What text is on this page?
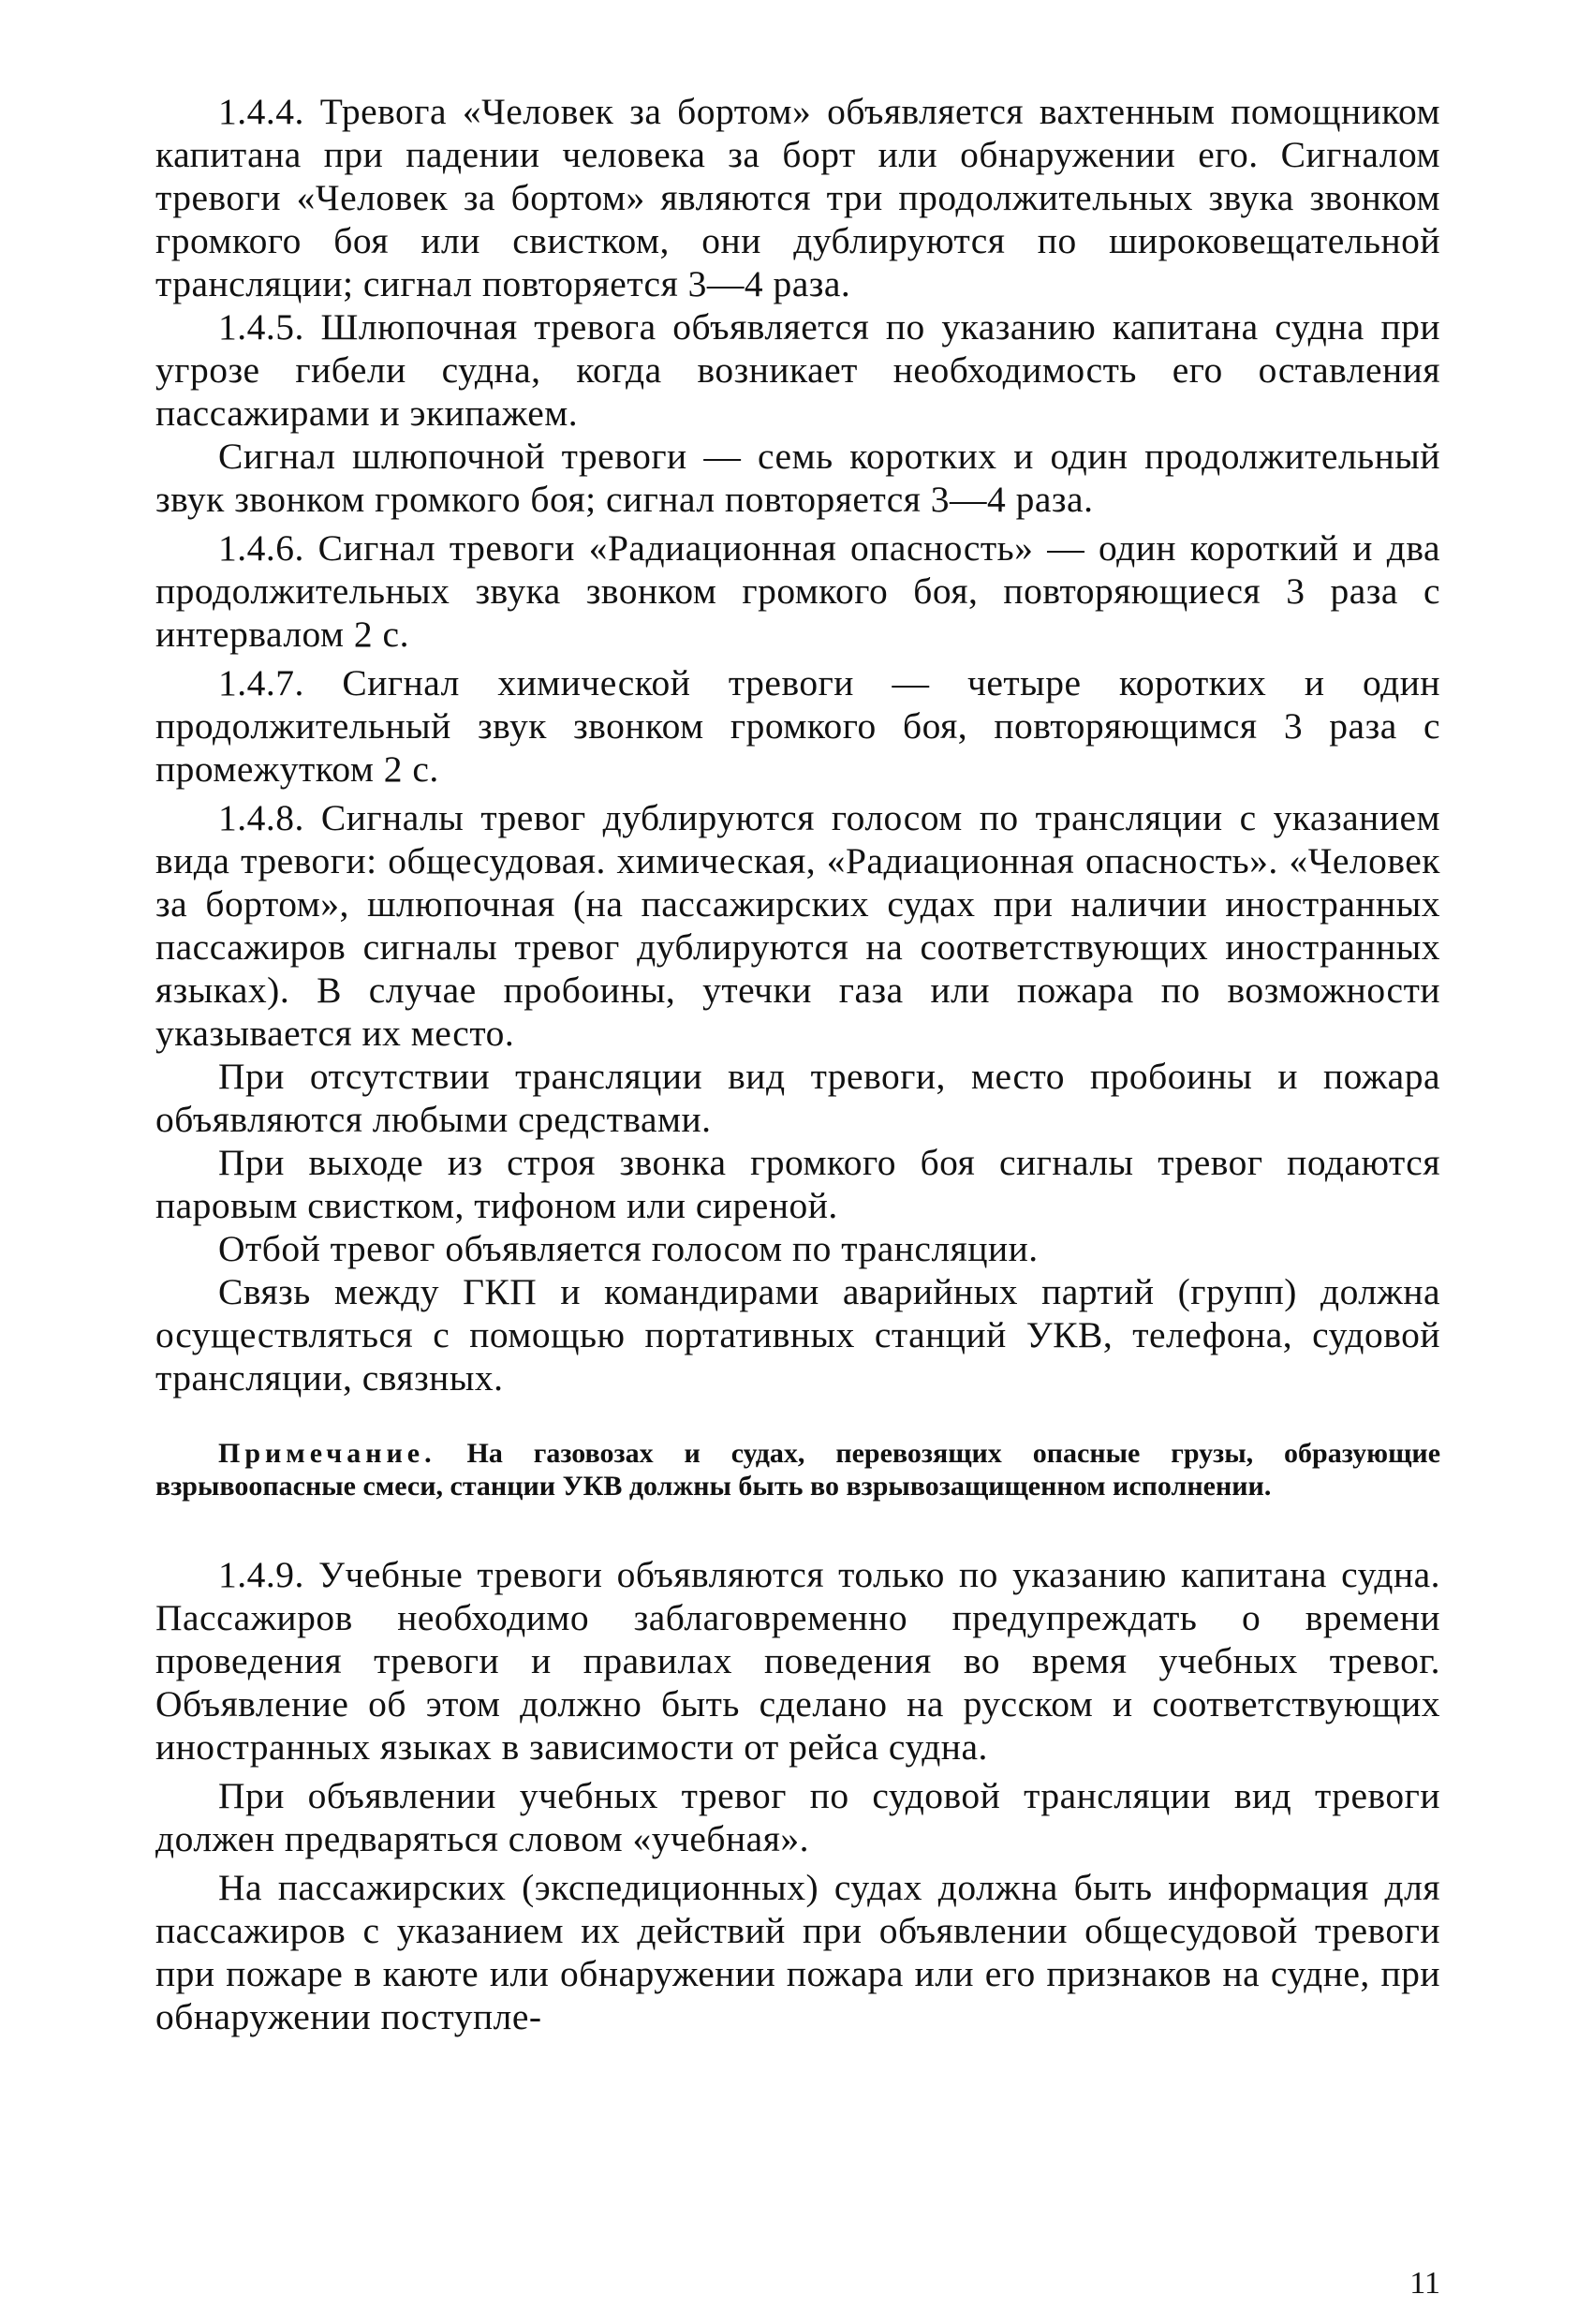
1.4.4. Тревога «Человек за бортом» объявляется вахтенным помощником капитана при падении человека за борт или обнаружении его. Сигналом тревоги «Человек за бортом» являются три продолжительных звука звонком громкого боя или свистком, они дублируются по широковещательной трансляции; сигнал повторяется 3—4 раза.

1.4.5. Шлюпочная тревога объявляется по указанию капитана судна при угрозе гибели судна, когда возникает необходимость его оставления пассажирами и экипажем.

Сигнал шлюпочной тревоги — семь коротких и один продолжительный звук звонком громкого боя; сигнал повторяется 3—4 раза.

1.4.6. Сигнал тревоги «Радиационная опасность» — один короткий и два продолжительных звука звонком громкого боя, повторяющиеся 3 раза с интервалом 2 с.

1.4.7. Сигнал химической тревоги — четыре коротких и один продолжительный звук звонком громкого боя, повторяющимся 3 раза с промежутком 2 с.

1.4.8. Сигналы тревог дублируются голосом по трансляции с указанием вида тревоги: общесудовая. химическая, «Радиационная опасность». «Человек за бортом», шлюпочная (на пассажирских судах при наличии иностранных пассажиров сигналы тревог дублируются на соответствующих иностранных языках). В случае пробоины, утечки газа или пожара по возможности указывается их место.

При отсутствии трансляции вид тревоги, место пробоины и пожара объявляются любыми средствами.

При выходе из строя звонка громкого боя сигналы тревог подаются паровым свистком, тифоном или сиреной.

Отбой тревог объявляется голосом по трансляции.

Связь между ГКП и командирами аварийных партий (групп) должна осуществляться с помощью портативных станций УКВ, телефона, судовой трансляции, связных.

Примечание. На газовозах и судах, перевозящих опасные грузы, образующие взрывоопасные смеси, станции УКВ должны быть во взрывозащищенном исполнении.

1.4.9. Учебные тревоги объявляются только по указанию капитана судна. Пассажиров необходимо заблаговременно предупреждать о времени проведения тревоги и правилах поведения во время учебных тревог. Объявление об этом должно быть сделано на русском и соответствующих иностранных языках в зависимости от рейса судна.

При объявлении учебных тревог по судовой трансляции вид тревоги должен предваряться словом «учебная».

На пассажирских (экспедиционных) судах должна быть информация для пассажиров с указанием их действий при объявлении общесудовой тревоги при пожаре в каюте или обнаружении пожара или его признаков на судне, при обнаружении поступле-

11
